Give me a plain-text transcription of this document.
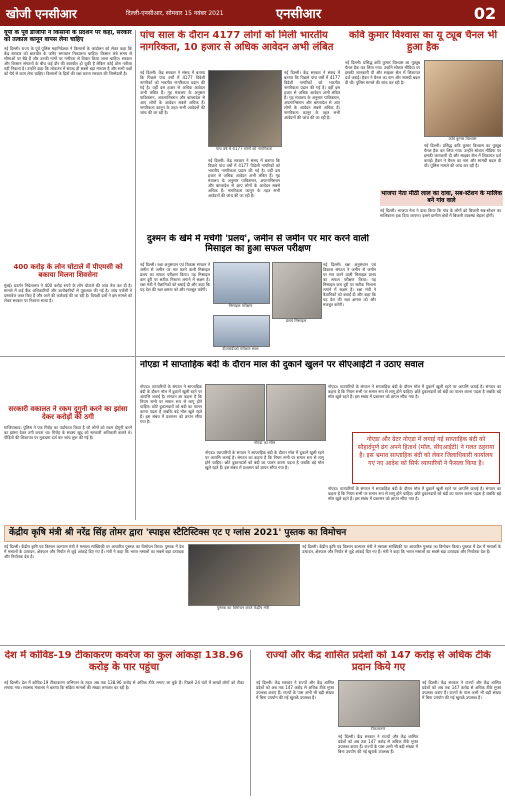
खोजी एनसीआर	दिल्ली-एनसीआर, सोमवार 15 नवंबर 2021	एनसीआर	02
यूपी के पूर्व डीजीपी ने किसानों के प्रदर्शन पर कहा, सरकार को तत्काल कानून वापस लेना चाहिए
नई दिल्ली। राज्य के पूर्व पुलिस महानिदेशक ने किसानों के आंदोलन को लेकर कहा कि केंद्र सरकार को बातचीत के जरिए समाधान निकालना चाहिए। किसान लंबे समय से सीमाओं पर बैठे हैं और उनकी मांगों पर गंभीरता से विचार किया जाना चाहिए। सरकार और किसान संगठनों के बीच कई दौर की बातचीत हो चुकी है लेकिन कोई ठोस नतीजा नहीं निकला है। उन्होंने कहा कि लोकतंत्र में संवाद ही सबसे बड़ा माध्यम है और सभी पक्षों को धैर्य से काम लेना चाहिए। किसानों के हितों की रक्षा करना सरकार की जिम्मेदारी है।
400 करोड़ के लोन घोटाले में पीएमसी को बकाया मिलना शिवसेना
मुंबई। प्रवर्तन निदेशालय ने 400 करोड़ रुपये के लोन घोटाले की जांच तेज कर दी है। मामले में कई बैंक अधिकारियों और कारोबारियों से पूछताछ की गई है। जांच एजेंसी ने दस्तावेज जब्त किए हैं और आगे की कार्रवाई की जा रही है। विपक्षी दलों ने इस मामले को लेकर सरकार पर निशाना साधा है।
सरकारी वकालत ने रकम दुगुनी करने का झांसा देकर करोड़ों की ठगी
गाजियाबाद। पुलिस ने एक गिरोह का पर्दाफाश किया है जो लोगों को रकम दोगुनी करने का झांसा देकर ठगी करता था। गिरोह के सदस्य खुद को सरकारी अधिकारी बताते थे। पीड़ितों की शिकायत पर मुकदमा दर्ज कर जांच शुरू की गई है।
पांच साल के दौरान 4177 लोगों को मिली भारतीय नागरिकता, 10 हजार से अधिक आवेदन अभी लंबित
नई दिल्ली। केंद्र सरकार ने संसद में बताया कि पिछले पांच वर्षों में 4177 विदेशी नागरिकों को भारतीय नागरिकता प्रदान की गई है। वहीं दस हजार से अधिक आवेदन अभी लंबित हैं। गृह मंत्रालय के अनुसार पाकिस्तान, अफगानिस्तान और बांग्लादेश से आए लोगों के आवेदन सबसे अधिक हैं। नागरिकता कानून के तहत सभी आवेदनों की जांच की जा रही है।
पांच वर्ष में 4177 लोगों को नागरिकता
नई दिल्ली। केंद्र सरकार ने संसद में बताया कि पिछले पांच वर्षों में 4177 विदेशी नागरिकों को भारतीय नागरिकता प्रदान की गई है। वहीं दस हजार से अधिक आवेदन अभी लंबित हैं। गृह मंत्रालय के अनुसार पाकिस्तान, अफगानिस्तान और बांग्लादेश से आए लोगों के आवेदन सबसे अधिक हैं। नागरिकता कानून के तहत सभी आवेदनों की जांच की जा रही है।
नई दिल्ली। केंद्र सरकार ने संसद में बताया कि पिछले पांच वर्षों में 4177 विदेशी नागरिकों को भारतीय नागरिकता प्रदान की गई है। वहीं दस हजार से अधिक आवेदन अभी लंबित हैं। गृह मंत्रालय के अनुसार पाकिस्तान, अफगानिस्तान और बांग्लादेश से आए लोगों के आवेदन सबसे अधिक हैं। नागरिकता कानून के तहत सभी आवेदनों की जांच की जा रही है।
कवि कुमार विश्वास का यू ट्यूब चैनल भी हुआ हैक
नई दिल्ली। प्रसिद्ध कवि कुमार विश्वास का यूट्यूब चैनल हैक कर लिया गया। उन्होंने सोशल मीडिया पर इसकी जानकारी दी और साइबर सेल में शिकायत दर्ज कराई। हैकर ने चैनल का नाम और सामग्री बदल दी थी। पुलिस मामले की जांच कर रही है।
कवि कुमार विश्वास
नई दिल्ली। प्रसिद्ध कवि कुमार विश्वास का यूट्यूब चैनल हैक कर लिया गया। उन्होंने सोशल मीडिया पर इसकी जानकारी दी और साइबर सेल में शिकायत दर्ज कराई। हैकर ने चैनल का नाम और सामग्री बदल दी थी। पुलिस मामले की जांच कर रही है।
भाजपा नेता मीठी लाल का दावा, सब-स्टेशन के मालिक बने गांव वाले
नई दिल्ली। भाजपा नेता ने दावा किया कि गांव के लोगों को बिजली सब-स्टेशन का मालिकाना हक दिया जाएगा। इससे ग्रामीण क्षेत्रों में बिजली व्यवस्था बेहतर होगी।
दुश्मन के खेमे में मचेगी 'प्रलय', जमीन से जमीन पर मार करने वाली मिसाइल का हुआ सफल परीक्षण
नई दिल्ली। रक्षा अनुसंधान एवं विकास संगठन ने जमीन से जमीन पर मार करने वाली मिसाइल प्रलय का सफल परीक्षण किया। यह मिसाइल कम दूरी पर सटीक निशाना लगाने में सक्षम है। रक्षा मंत्री ने वैज्ञानिकों को बधाई दी और कहा कि यह देश की रक्षा क्षमता को और मजबूत करेगी।
मिसाइल परीक्षण
डीआरडीओ परीक्षण स्थल
प्रलय मिसाइल
नई दिल्ली। रक्षा अनुसंधान एवं विकास संगठन ने जमीन से जमीन पर मार करने वाली मिसाइल प्रलय का सफल परीक्षण किया। यह मिसाइल कम दूरी पर सटीक निशाना लगाने में सक्षम है। रक्षा मंत्री ने वैज्ञानिकों को बधाई दी और कहा कि यह देश की रक्षा क्षमता को और मजबूत करेगी।
नोएडा में साप्ताहिक बंदी के दौरान माल की दुकानें खुलने पर सीएआईटी ने उठाए सवाल
नोएडा। व्यापारियों के संगठन ने साप्ताहिक बंदी के दौरान मॉल में दुकानें खुली रहने पर आपत्ति जताई है। संगठन का कहना है कि नियम सभी पर समान रूप से लागू होने चाहिए। छोटे दुकानदारों को बंदी का पालन करना पड़ता है जबकि बड़े मॉल खुले रहते हैं। इस संबंध में प्रशासन को ज्ञापन सौंपा गया है।
नोएडा का मॉल
नोएडा। व्यापारियों के संगठन ने साप्ताहिक बंदी के दौरान मॉल में दुकानें खुली रहने पर आपत्ति जताई है। संगठन का कहना है कि नियम सभी पर समान रूप से लागू होने चाहिए। छोटे दुकानदारों को बंदी का पालन करना पड़ता है जबकि बड़े मॉल खुले रहते हैं। इस संबंध में प्रशासन को ज्ञापन सौंपा गया है।
नोएडा। व्यापारियों के संगठन ने साप्ताहिक बंदी के दौरान मॉल में दुकानें खुली रहने पर आपत्ति जताई है। संगठन का कहना है कि नियम सभी पर समान रूप से लागू होने चाहिए। छोटे दुकानदारों को बंदी का पालन करना पड़ता है जबकि बड़े मॉल खुले रहते हैं। इस संबंध में प्रशासन को ज्ञापन सौंपा गया है।
नोएडा और ग्रेटर नोएडा में लगाई गई साप्ताहिक बंदी को सौहार्दपूर्ण ढंग अपने हितार्थ (मॉल, सीएआईटी) ने गलत ठहराया है। इस भ्रमाव साप्ताहिक बंदी को लेकर जिलाधिकारी कार्यालय गए नए आदेश को सिर्फ व्यापारियों ने फैसला किया है।
नोएडा। व्यापारियों के संगठन ने साप्ताहिक बंदी के दौरान मॉल में दुकानें खुली रहने पर आपत्ति जताई है। संगठन का कहना है कि नियम सभी पर समान रूप से लागू होने चाहिए। छोटे दुकानदारों को बंदी का पालन करना पड़ता है जबकि बड़े मॉल खुले रहते हैं। इस संबंध में प्रशासन को ज्ञापन सौंपा गया है।
केंद्रीय कृषि मंत्री श्री नरेंद्र सिंह तोमर द्वारा 'स्पाइस स्टैटिस्टिक्स एट ए ग्लांस 2021' पुस्तक का विमोचन
नई दिल्ली। केंद्रीय कृषि एवं किसान कल्याण मंत्री ने मसाला सांख्यिकी पर आधारित पुस्तक का विमोचन किया। पुस्तक में देश में मसालों के उत्पादन, क्षेत्रफल और निर्यात से जुड़े आंकड़े दिए गए हैं। मंत्री ने कहा कि भारत मसालों का सबसे बड़ा उत्पादक और निर्यातक देश है।
पुस्तक का विमोचन करते केंद्रीय मंत्री
नई दिल्ली। केंद्रीय कृषि एवं किसान कल्याण मंत्री ने मसाला सांख्यिकी पर आधारित पुस्तक का विमोचन किया। पुस्तक में देश में मसालों के उत्पादन, क्षेत्रफल और निर्यात से जुड़े आंकड़े दिए गए हैं। मंत्री ने कहा कि भारत मसालों का सबसे बड़ा उत्पादक और निर्यातक देश है।
देश में कोविड-19 टीकाकरण कवरेज का कुल आंकड़ा 138.96 करोड़ के पार पहुंचा
नई दिल्ली। देश में कोविड-19 टीकाकरण अभियान के तहत अब तक 138.96 करोड़ से अधिक टीके लगाए जा चुके हैं। पिछले 24 घंटों में लाखों लोगों को टीका लगाया गया। स्वास्थ्य मंत्रालय ने बताया कि सक्रिय मामलों की संख्या लगातार घट रही है।
राज्यों और केंद्र शासित प्रदेशों को 147 करोड़ से अधिक टीके प्रदान किये गए
नई दिल्ली। केंद्र सरकार ने राज्यों और केंद्र शासित प्रदेशों को अब तक 147 करोड़ से अधिक टीके मुफ्त उपलब्ध कराए हैं। राज्यों के पास अभी भी बड़ी संख्या में बिना उपयोग की गई खुराकें उपलब्ध हैं।
टीकाकरण
नई दिल्ली। केंद्र सरकार ने राज्यों और केंद्र शासित प्रदेशों को अब तक 147 करोड़ से अधिक टीके मुफ्त उपलब्ध कराए हैं। राज्यों के पास अभी भी बड़ी संख्या में बिना उपयोग की गई खुराकें उपलब्ध हैं।
नई दिल्ली। केंद्र सरकार ने राज्यों और केंद्र शासित प्रदेशों को अब तक 147 करोड़ से अधिक टीके मुफ्त उपलब्ध कराए हैं। राज्यों के पास अभी भी बड़ी संख्या में बिना उपयोग की गई खुराकें उपलब्ध हैं।
